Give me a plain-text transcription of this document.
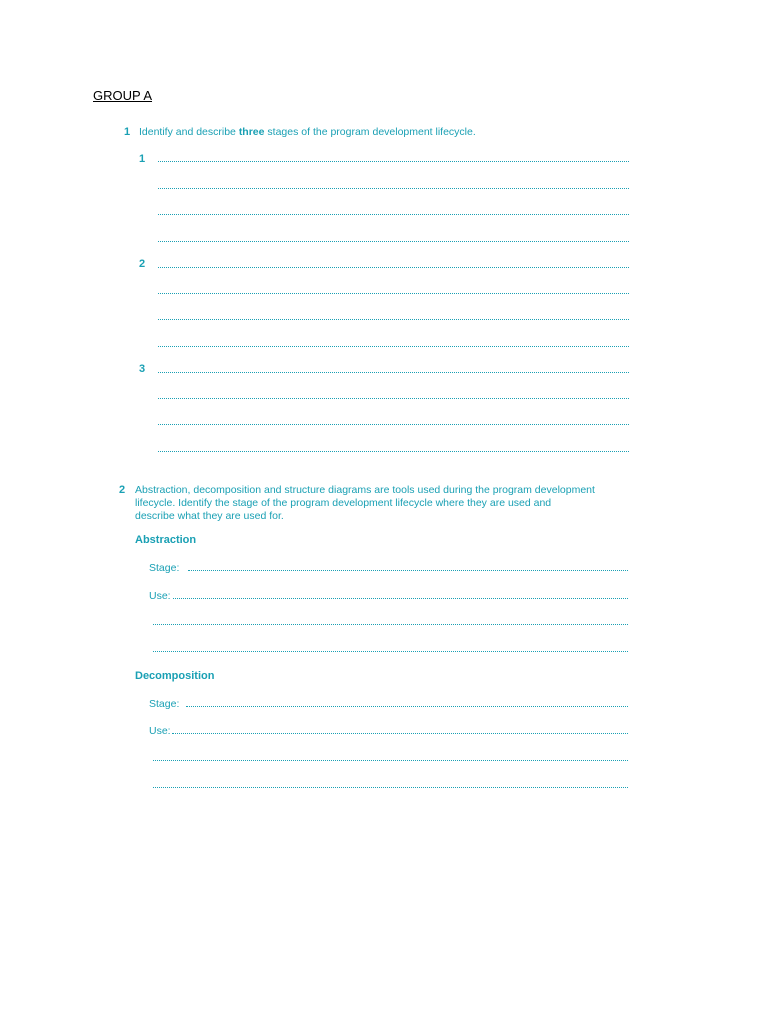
GROUP A
1 Identify and describe three stages of the program development lifecycle.
1
2
3
2 Abstraction, decomposition and structure diagrams are tools used during the program development
lifecycle. Identify the stage of the program development lifecycle where they are used and
describe what they are used for.
Abstraction
Stage:
Use:
Decomposition
Stage:
Use:
